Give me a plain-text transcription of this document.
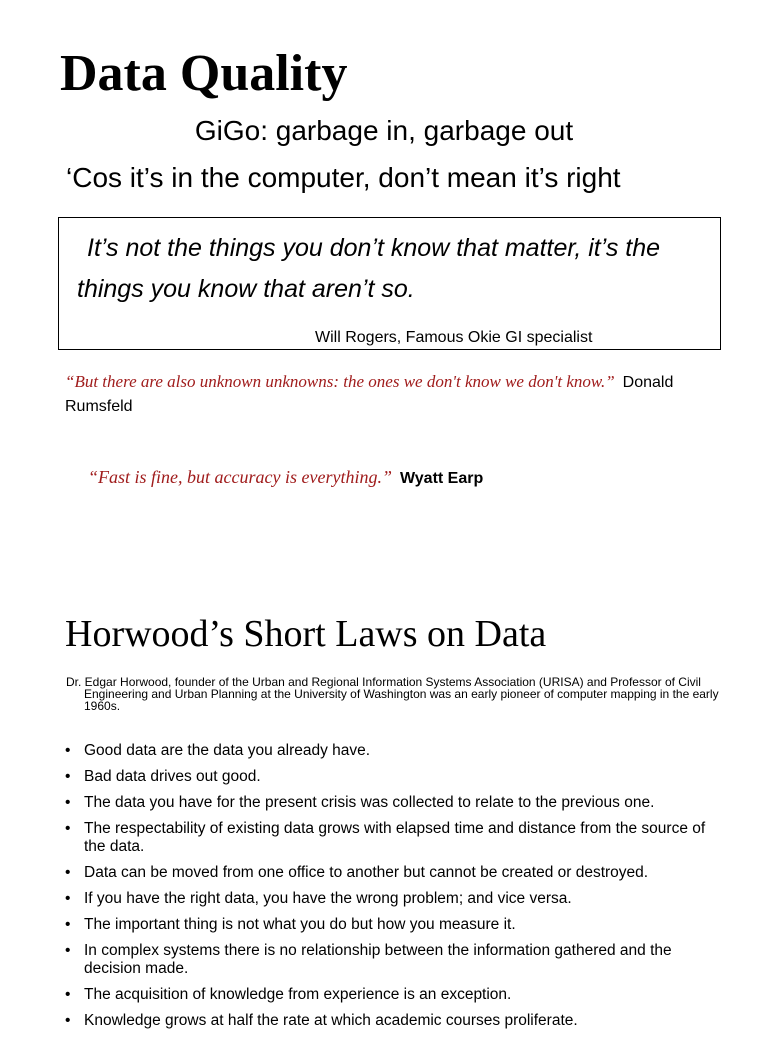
Data Quality
GiGo: garbage in, garbage out
‘Cos it’s in the computer, don’t mean it’s right

It’s not the things you don’t know that matter, it’s the things you know that aren’t so.

Will Rogers, Famous Okie GI specialist
“But there are also unknown unknowns: the ones we don't know we don't know.” Donald Rumsfeld
“Fast is fine, but accuracy is everything.” Wyatt Earp
Horwood’s Short Laws on Data
Dr. Edgar Horwood, founder of the Urban and Regional Information Systems Association (URISA) and Professor of Civil Engineering and Urban Planning at the University of Washington was an early pioneer of computer mapping in the early 1960s.
• Good data are the data you already have.
• Bad data drives out good.
• The data you have for the present crisis was collected to relate to the previous one.
• The respectability of existing data grows with elapsed time and distance from the source of the data.
• Data can be moved from one office to another but cannot be created or destroyed.
• If you have the right data, you have the wrong problem; and vice versa.
• The important thing is not what you do but how you measure it.
• In complex systems there is no relationship between the information gathered and the decision made.
• The acquisition of knowledge from experience is an exception.
• Knowledge grows at half the rate at which academic courses proliferate.
